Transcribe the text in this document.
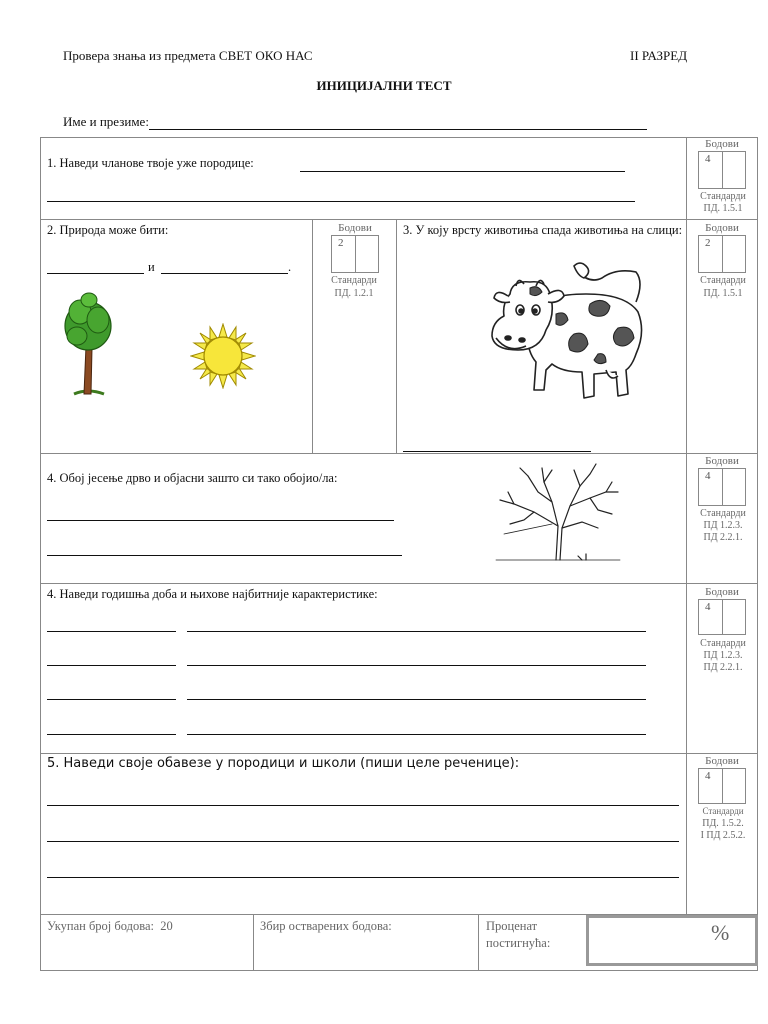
Провера знања из предмета СВЕТ ОКО НАС	II РАЗРЕД
ИНИЦИЈАЛНИ ТЕСТ
Име и презиме:
1. Наведи чланове твоје уже породице:
Бодови
4
Стандарди
ПД. 1.5.1
2. Природа може бити:
и	.
Бодови
2
Стандарди
ПД. 1.2.1
3. У коју врсту животиња спада животиња на слици:	Бодови
2
Стандарди
ПД. 1.5.1
4. Обој јесење дрво и објасни зашто си тако обојио/ла:
Бодови
4
Стандарди
ПД 1.2.3.
ПД 2.2.1.
4. Наведи годишња доба и њихове најбитније карактеристике:	Бодови
4
Стандарди
ПД 1.2.3.
ПД 2.2.1.
5. Наведи своје обавезе у породици и школи (пиши целе реченице):	Бодови
4
Стандарди
ПД. 1.5.2.
I ПД 2.5.2.
Укупан број бодова: 20	Збир остварених бодова:	Проценат
постигнућа:	%
